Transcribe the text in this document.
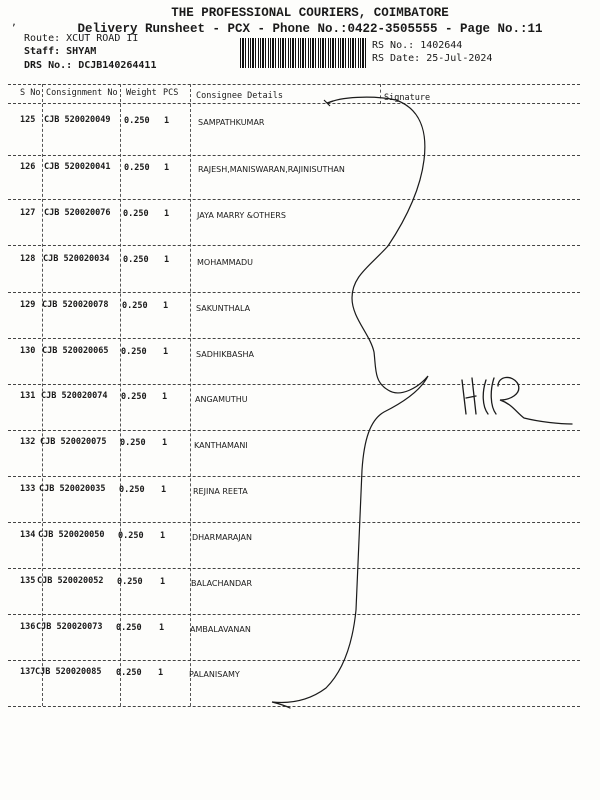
,
THE PROFESSIONAL COURIERS, COIMBATORE
Delivery Runsheet - PCX - Phone No.:0422-3505555 - Page No.:11
Route: XCUT ROAD II
Staff: SHYAM
DRS No.: DCJB140264411
RS No.: 1402644
RS Date: 25-Jul-2024
S No Consignment No Weight PCS Consignee Details	Signature
125 CJB 520020049 0.250 1	SAMPATHKUMAR
126 CJB 520020041 0.250 1	RAJESH,MANISWARAN,RAJINISUTHAN
127 CJB 520020076 0.250 1	JAYA MARRY &OTHERS
128 CJB 520020034 0.250 1	MOHAMMADU
129 CJB 520020078 0.250 1	SAKUNTHALA
130 CJB 520020065 0.250 1	SADHIKBASHA
131 CJB 520020074 0.250 1	ANGAMUTHU
132 CJB 520020075 0.250 1	KANTHAMANI
133 CJB 520020035 0.250 1	REJINA REETA
134 CJB 520020050 0.250 1	DHARMARAJAN
135 CJB 520020052 0.250 1	BALACHANDAR
136 CJB 520020073 0.250 1	AMBALAVANAN
137 CJB 520020085 0.250 1	PALANISAMY
